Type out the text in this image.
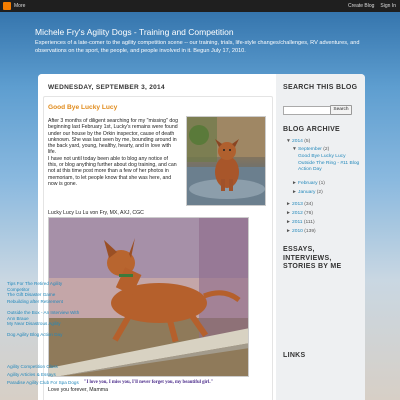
More	Create Blog Sign In
Michele Fry's Agility Dogs - Training and Competition
Experiences of a late-comer to the agility competition scene -- our training, trials, life-style changes/challenges, RV adventures, and observations on the sport, the people, and people involved in it. Begun July 17, 2010.
WEDNESDAY, SEPTEMBER 3, 2014
Good Bye Lucky Lucy
After 3 months of diligent searching for my "missing" dog beginning last February 1st, Lucky's remains were found under our house by the Orkin inspector, cause of death unknown. She was last seen by me, bounding around in the back yard, young, healthy, hearty, and in love with life.
I have not until today been able to blog any notice of this, or blog anything further about dog training, and can not at this time post more than a few of her photos in memoriam, to let people know that she was here, and now is gone.
Lucky Lucy Lu Lu von Fry, MX, AXJ, CGC
"I love you, I miss you, I'll never forget you, my beautiful girl."
Love you forever, Mamma
SEARCH THIS BLOG
Search
BLOG ARCHIVE
▼2014 (5)
▼September (2)
Good Bye Lucky Lucy
Outside The Ring - #11 Blog Action Day
►February (1)
►January (2)
►2013 (34)
►2012 (76)
►2011 (111)
►2010 (139)
ESSAYS, INTERVIEWS, STORIES BY ME
Tips For The Retired Agility Competitor
The Gift Disaster Game
Rebuilding after Retirement
Outside the Box - An Interview With Ann Braue
My Near Disastrous Agility
Dog Agility Blog Action Day
LINKS
Agility Competition Class
Agility Articles & Essays
Paradise Agility Club For Spa Dogs
